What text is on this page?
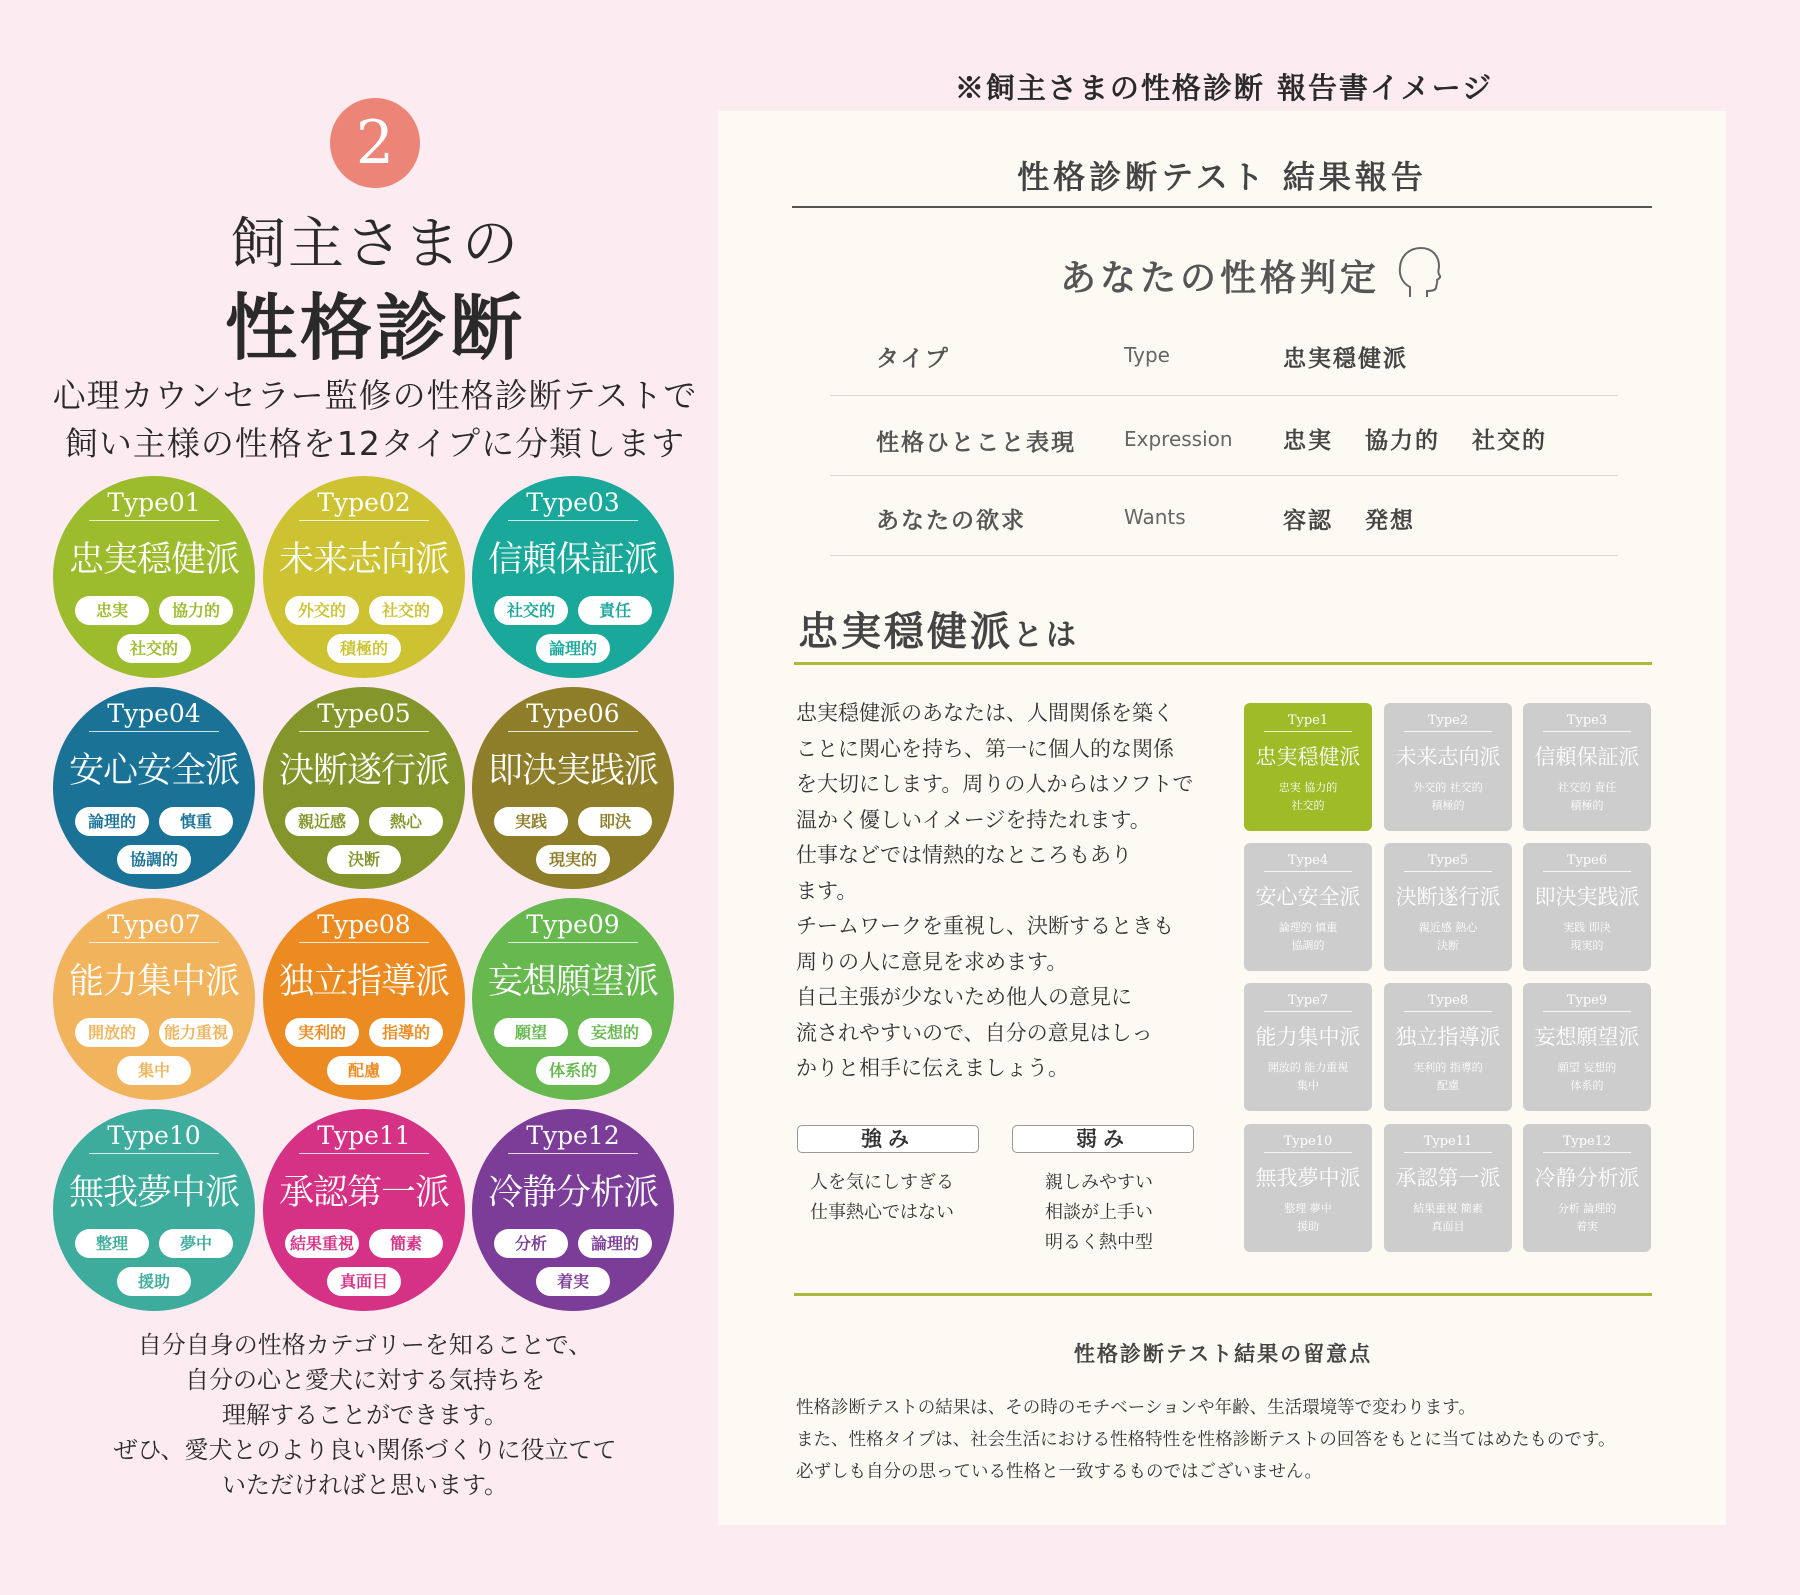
2
飼主さまの
性格診断
心理カウンセラー監修の性格診断テストで
飼い主様の性格を12タイプに分類します
Type01
忠実穏健派
忠実	協力的
社交的
Type02
未来志向派
外交的	社交的
積極的
Type03
信頼保証派
社交的	責任
論理的
Type04
安心安全派
論理的	慎重
協調的
Type05
決断遂行派
親近感	熱心
決断
Type06
即決実践派
実践	即決
現実的
Type07
能力集中派
開放的	能力重視
集中
Type08
独立指導派
実利的	指導的
配慮
Type09
妄想願望派
願望	妄想的
体系的
Type10
無我夢中派
整理	夢中
援助
Type11
承認第一派
結果重視	簡素
真面目
Type12
冷静分析派
分析	論理的
着実
自分自身の性格カテゴリーを知ることで、
自分の心と愛犬に対する気持ちを
理解することができます。
ぜひ、愛犬とのより良い関係づくりに役立てて
いただければと思います。
※飼主さまの性格診断 報告書イメージ
性格診断テスト 結果報告
あなたの性格判定
タイプ	Type	忠実穏健派
性格ひとこと表現 Expression 忠実 協力的 社交的
あなたの欲求	Wants	容認 発想
忠実穏健派とは
忠実穏健派のあなたは、人間関係を築く
ことに関心を持ち、第一に個人的な関係
を大切にします。周りの人からはソフトで
温かく優しいイメージを持たれます。
仕事などでは情熱的なところもあり
ます。
チームワークを重視し、決断するときも
周りの人に意見を求めます。
自己主張が少ないため他人の意見に
流されやすいので、自分の意見はしっ
かりと相手に伝えましょう。
強み
人を気にしすぎる
仕事熱心ではない
弱み
親しみやすい
相談が上手い
明るく熱中型
Type1
忠実穏健派
忠実 協力的
社交的
Type2
未来志向派
外交的 社交的
積極的
Type3
信頼保証派
社交的 責任
積極的
Type4
安心安全派
論理的 慎重
協調的
Type5
決断遂行派
親近感 熱心
決断
Type6
即決実践派
実践 即決
現実的
Type7
能力集中派
開放的 能力重視
集中
Type8
独立指導派
実利的 指導的
配慮
Type9
妄想願望派
願望 妄想的
体系的
Type10
無我夢中派
整理 夢中
援助
Type11
承認第一派
結果重視 簡素
真面目
Type12
冷静分析派
分析 論理的
着実
性格診断テスト結果の留意点
性格診断テストの結果は、その時のモチベーションや年齢、生活環境等で変わります。
また、性格タイプは、社会生活における性格特性を性格診断テストの回答をもとに当てはめたものです。
必ずしも自分の思っている性格と一致するものではございません。
